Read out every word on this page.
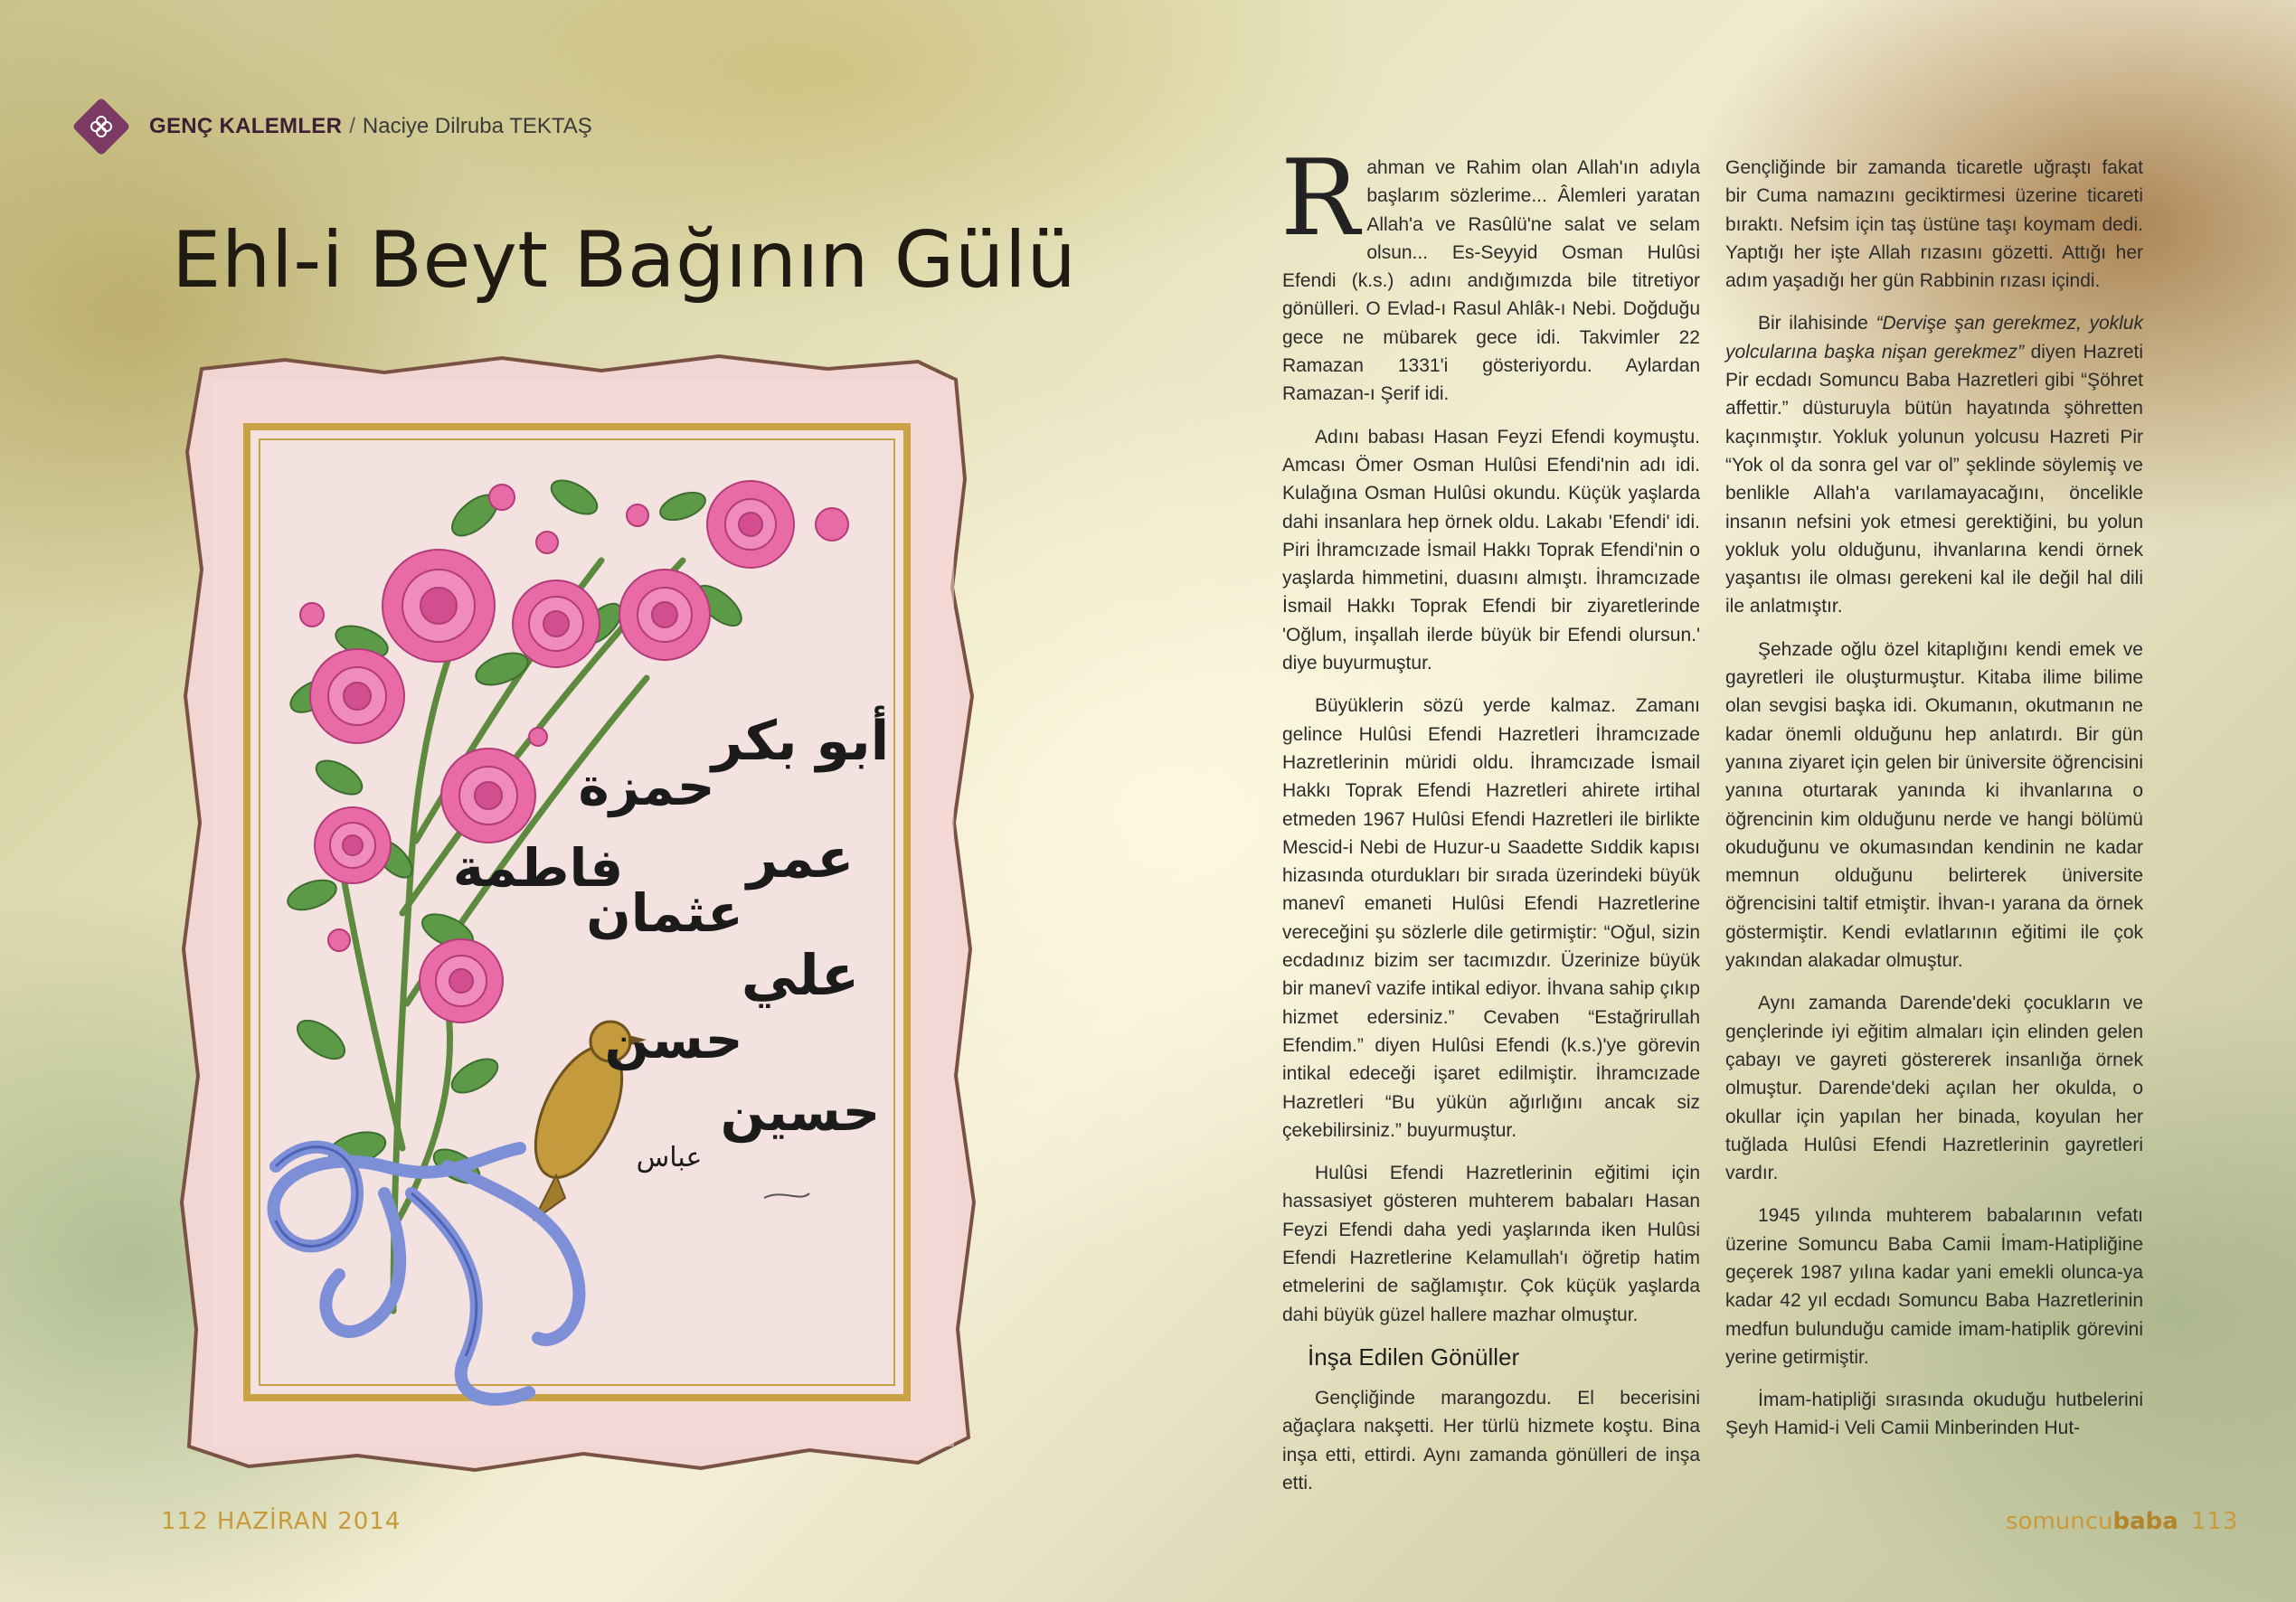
GENÇ KALEMLER / Naciye Dilruba TEKTAŞ
Ehl-i Beyt Bağının Gülü
أبو بكر
حمزة
عمر
فاطمة
عثمان
علي
حسن
حسين
عباس

Rahman ve Rahim olan Allah'ın adıyla başlarım sözlerime... Âlemleri yaratan Allah'a ve Rasûlü'ne salat ve selam olsun... Es-Seyyid Osman Hulûsi Efendi (k.s.) adını andığımızda bile titretiyor gönülleri. O Evlad-ı Rasul Ahlâk-ı Nebi. Doğduğu gece ne mübarek gece idi. Takvimler 22 Ramazan 1331'i gösteriyordu. Aylardan Ramazan-ı Şerif idi.

Adını babası Hasan Feyzi Efendi koymuştu. Amcası Ömer Osman Hulûsi Efendi'nin adı idi. Kulağına Osman Hulûsi okundu. Küçük yaşlarda dahi insanlara hep örnek oldu. Lakabı 'Efendi' idi. Piri İhramcızade İsmail Hakkı Toprak Efendi'nin o yaşlarda himmetini, duasını almıştı. İhramcızade İsmail Hakkı Toprak Efendi bir ziyaretlerinde 'Oğlum, inşallah ilerde büyük bir Efendi olursun.' diye buyurmuştur.

Büyüklerin sözü yerde kalmaz. Zamanı gelince Hulûsi Efendi Hazretleri İhramcızade Hazretlerinin müridi oldu. İhramcızade İsmail Hakkı Toprak Efendi Hazretleri ahirete irtihal etmeden 1967 Hulûsi Efendi Hazretleri ile birlikte Mescid-i Nebi de Huzur-u Saadette Sıddik kapısı hizasında oturdukları bir sırada üzerindeki büyük manevî emaneti Hulûsi Efendi Hazretlerine vereceğini şu sözlerle dile getirmiştir: “Oğul, sizin ecdadınız bizim ser tacımızdır. Üzerinize büyük bir manevî vazife intikal ediyor. İhvana sahip çıkıp hizmet edersiniz.” Cevaben “Estağrirullah Efendim.” diyen Hulûsi Efendi (k.s.)'ye görevin intikal edeceği işaret edilmiştir. İhramcızade Hazretleri “Bu yükün ağırlığını ancak siz çekebilirsiniz.” buyurmuştur.

Hulûsi Efendi Hazretlerinin eğitimi için hassasiyet gösteren muhterem babaları Hasan Feyzi Efendi daha yedi yaşlarında iken Hulûsi Efendi Hazretlerine Kelamullah'ı öğretip hatim etmelerini de sağlamıştır. Çok küçük yaşlarda dahi büyük güzel hallere mazhar olmuştur.

İnşa Edilen Gönüller

Gençliğinde marangozdu. El becerisini ağaçlara nakşetti. Her türlü hizmete koştu. Bina inşa etti, ettirdi. Aynı zamanda gönülleri de inşa etti.

Gençliğinde bir zamanda ticaretle uğraştı fakat bir Cuma namazını geciktirmesi üzerine ticareti bıraktı. Nefsim için taş üstüne taşı koymam dedi. Yaptığı her işte Allah rızasını gözetti. Attığı her adım yaşadığı her gün Rabbinin rızası içindi.

Bir ilahisinde “Dervişe şan gerekmez, yokluk yolcularına başka nişan gerekmez” diyen Hazreti Pir ecdadı Somuncu Baba Hazretleri gibi “Şöhret affettir.” düsturuyla bütün hayatında şöhretten kaçınmıştır. Yokluk yolunun yolcusu Hazreti Pir “Yok ol da sonra gel var ol” şeklinde söylemiş ve benlikle Allah'a varılamayacağını, öncelikle insanın nefsini yok etmesi gerektiğini, bu yolun yokluk yolu olduğunu, ihvanlarına kendi örnek yaşantısı ile olması gerekeni kal ile değil hal dili ile anlatmıştır.

Şehzade oğlu özel kitaplığını kendi emek ve gayretleri ile oluşturmuştur. Kitaba ilime bilime olan sevgisi başka idi. Okumanın, okutmanın ne kadar önemli olduğunu hep anlatırdı. Bir gün yanına ziyaret için gelen bir üniversite öğrencisini yanına oturtarak yanında ki ihvanlarına o öğrencinin kim olduğunu nerde ve hangi bölümü okuduğunu ve okumasından kendinin ne kadar memnun olduğunu belirterek üniversite öğrencisini taltif etmiştir. İhvan-ı yarana da örnek göstermiştir. Kendi evlatlarının eğitimi ile çok yakından alakadar olmuştur.

Aynı zamanda Darende'deki çocukların ve gençlerinde iyi eğitim almaları için elinden gelen çabayı ve gayreti göstererek insanlığa örnek olmuştur. Darende'deki açılan her okulda, o okullar için yapılan her binada, koyulan her tuğlada Hulûsi Efendi Hazretlerinin gayretleri vardır.

1945 yılında muhterem babalarının vefatı üzerine Somuncu Baba Camii İmam-Hatipliğine geçerek 1987 yılına kadar yani emekli olunca-ya kadar 42 yıl ecdadı Somuncu Baba Hazretlerinin medfun bulunduğu camide imam-hatiplik görevini yerine getirmiştir.

İmam-hatipliği sırasında okuduğu hutbelerini Şeyh Hamid-i Veli Camii Minberinden Hut-

112 HAZİRAN 2014	somuncubaba 113
